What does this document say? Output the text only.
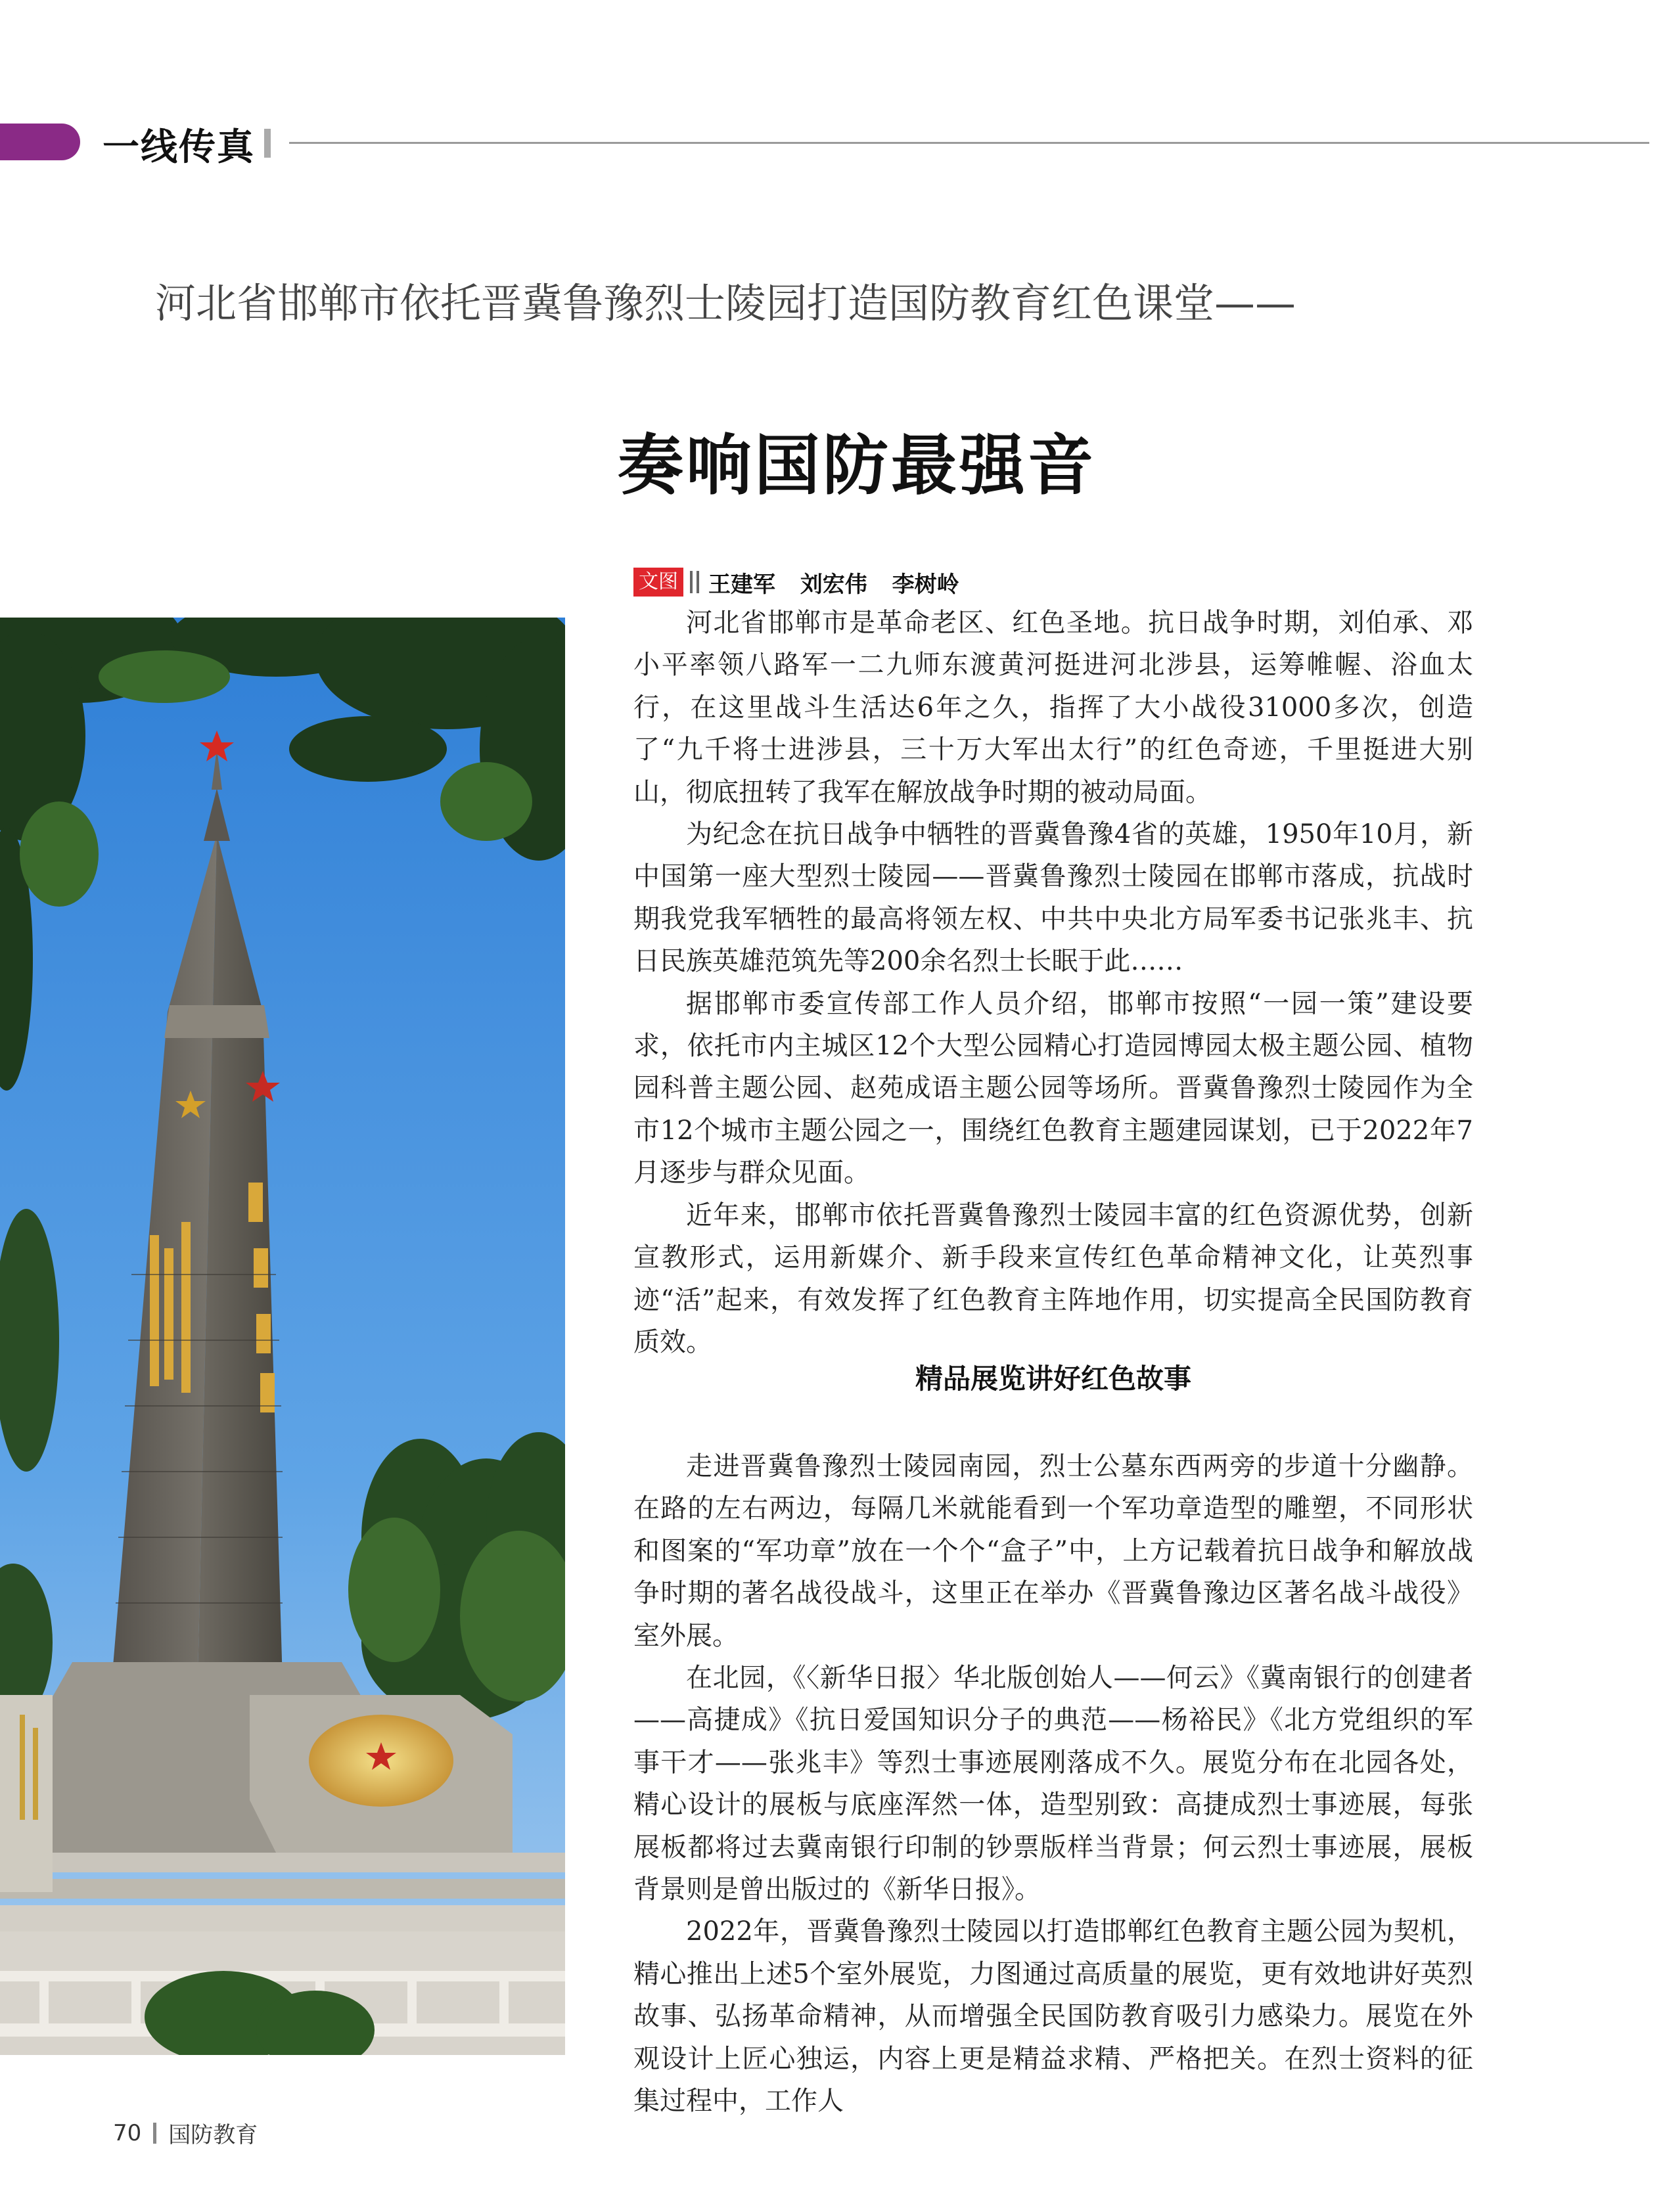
一线传真
河北省邯郸市依托晋冀鲁豫烈士陵园打造国防教育红色课堂——
奏响国防最强音
文图 王建军 刘宏伟 李树岭

河北省邯郸市是革命老区、红色圣地。抗日战争时期，刘伯承、邓小平率领八路军一二九师东渡黄河挺进河北涉县，运筹帷幄、浴血太行，在这里战斗生活达6年之久，指挥了大小战役31000多次，创造了“九千将士进涉县，三十万大军出太行”的红色奇迹，千里挺进大别山，彻底扭转了我军在解放战争时期的被动局面。

为纪念在抗日战争中牺牲的晋冀鲁豫4省的英雄，1950年10月，新中国第一座大型烈士陵园——晋冀鲁豫烈士陵园在邯郸市落成，抗战时期我党我军牺牲的最高将领左权、中共中央北方局军委书记张兆丰、抗日民族英雄范筑先等200余名烈士长眠于此……

据邯郸市委宣传部工作人员介绍，邯郸市按照“一园一策”建设要求，依托市内主城区12个大型公园精心打造园博园太极主题公园、植物园科普主题公园、赵苑成语主题公园等场所。晋冀鲁豫烈士陵园作为全市12个城市主题公园之一，围绕红色教育主题建园谋划，已于2022年7月逐步与群众见面。

近年来，邯郸市依托晋冀鲁豫烈士陵园丰富的红色资源优势，创新宣教形式，运用新媒介、新手段来宣传红色革命精神文化，让英烈事迹“活”起来，有效发挥了红色教育主阵地作用，切实提高全民国防教育质效。

精品展览讲好红色故事

走进晋冀鲁豫烈士陵园南园，烈士公墓东西两旁的步道十分幽静。在路的左右两边，每隔几米就能看到一个军功章造型的雕塑，不同形状和图案的“军功章”放在一个个“盒子”中，上方记载着抗日战争和解放战争时期的著名战役战斗，这里正在举办《晋冀鲁豫边区著名战斗战役》室外展。

在北园，《〈新华日报〉华北版创始人——何云》《冀南银行的创建者——高捷成》《抗日爱国知识分子的典范——杨裕民》《北方党组织的军事干才——张兆丰》等烈士事迹展刚落成不久。展览分布在北园各处，精心设计的展板与底座浑然一体，造型别致：高捷成烈士事迹展，每张展板都将过去冀南银行印制的钞票版样当背景；何云烈士事迹展，展板背景则是曾出版过的《新华日报》。

2022年，晋冀鲁豫烈士陵园以打造邯郸红色教育主题公园为契机，精心推出上述5个室外展览，力图通过高质量的展览，更有效地讲好英烈故事、弘扬革命精神，从而增强全民国防教育吸引力感染力。展览在外观设计上匠心独运，内容上更是精益求精、严格把关。在烈士资料的征集过程中，工作人

70 国防教育
